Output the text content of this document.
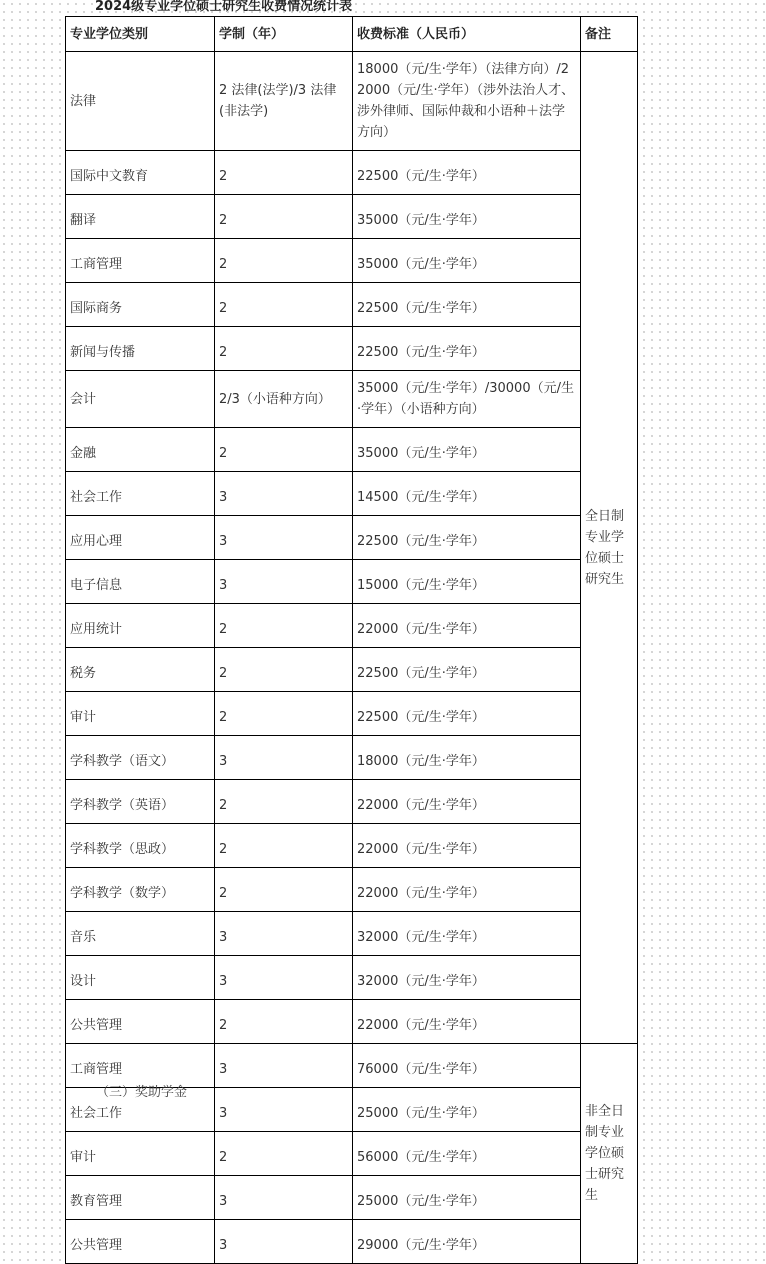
2024级专业学位硕士研究生收费情况统计表
专业学位类别	学制（年）	收费标准（人民币）	备注
法律	2 法律(法学)/3 法律(非法学)	18000（元/生·学年）（法律方向）/22000（元/生·学年）（涉外法治人才、涉外律师、国际仲裁和小语种＋法学方向）	全日制专业学位硕士研究生
国际中文教育	2	22500（元/生·学年）	
翻译	2	35000（元/生·学年）	
工商管理	2	35000（元/生·学年）	
国际商务	2	22500（元/生·学年）	
新闻与传播	2	22500（元/生·学年）	
会计	2/3（小语种方向）	35000（元/生·学年）/30000（元/生·学年）（小语种方向）	
金融	2	35000（元/生·学年）	
社会工作	3	14500（元/生·学年）	
应用心理	3	22500（元/生·学年）	
电子信息	3	15000（元/生·学年）	
应用统计	2	22000（元/生·学年）	
税务	2	22500（元/生·学年）	
审计	2	22500（元/生·学年）	
学科教学（语文）	3	18000（元/生·学年）	
学科教学（英语）	2	22000（元/生·学年）	
学科教学（思政）	2	22000（元/生·学年）	
学科教学（数学）	2	22000（元/生·学年）	
音乐	3	32000（元/生·学年）	
设计	3	32000（元/生·学年）	
公共管理	2	22000（元/生·学年）	
工商管理	3	76000（元/生·学年）	非全日制专业学位硕士研究生
社会工作	3	25000（元/生·学年）	
审计	2	56000（元/生·学年）	
教育管理	3	25000（元/生·学年）	
公共管理	3	29000（元/生·学年）	
（三）奖助学金
